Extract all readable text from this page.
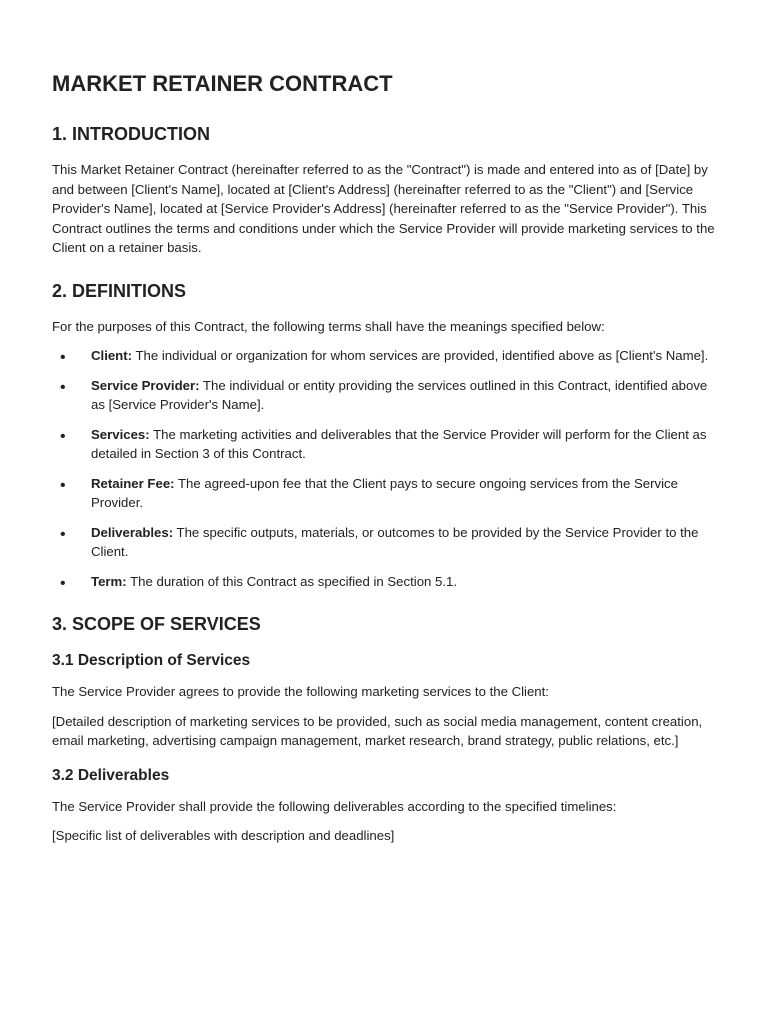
MARKET RETAINER CONTRACT
1. INTRODUCTION

This Market Retainer Contract (hereinafter referred to as the "Contract") is made and entered into as of [Date] by and between [Client's Name], located at [Client's Address] (hereinafter referred to as the "Client") and [Service Provider's Name], located at [Service Provider's Address] (hereinafter referred to as the "Service Provider"). This Contract outlines the terms and conditions under which the Service Provider will provide marketing services to the Client on a retainer basis.

2. DEFINITIONS

For the purposes of this Contract, the following terms shall have the meanings specified below:

• Client: The individual or organization for whom services are provided, identified above as [Client's Name].
• Service Provider: The individual or entity providing the services outlined in this Contract, identified above as [Service Provider's Name].
• Services: The marketing activities and deliverables that the Service Provider will perform for the Client as detailed in Section 3 of this Contract.
• Retainer Fee: The agreed-upon fee that the Client pays to secure ongoing services from the Service Provider.
• Deliverables: The specific outputs, materials, or outcomes to be provided by the Service Provider to the Client.
• Term: The duration of this Contract as specified in Section 5.1.
3. SCOPE OF SERVICES
3.1 Description of Services

The Service Provider agrees to provide the following marketing services to the Client:

[Detailed description of marketing services to be provided, such as social media management, content creation, email marketing, advertising campaign management, market research, brand strategy, public relations, etc.]

3.2 Deliverables

The Service Provider shall provide the following deliverables according to the specified timelines:

[Specific list of deliverables with description and deadlines]
